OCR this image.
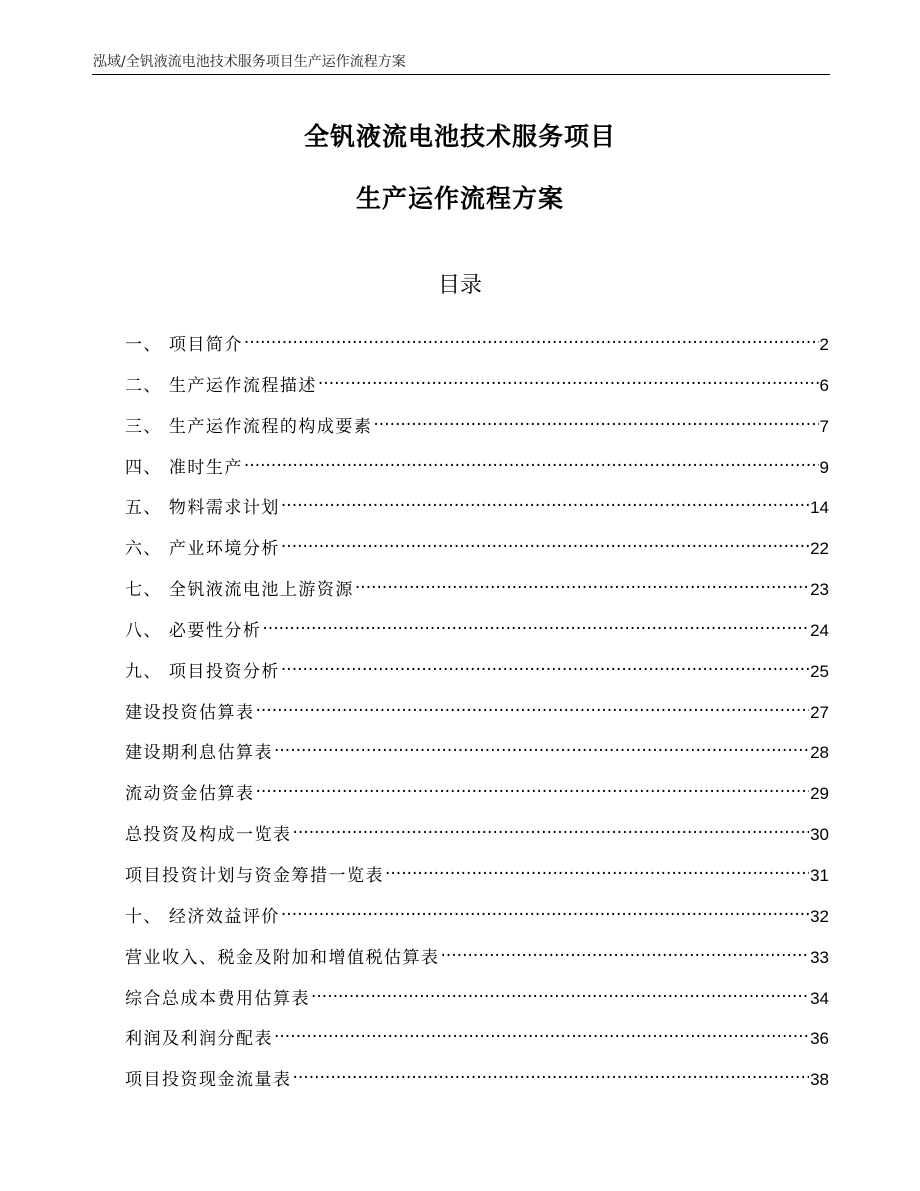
泓域/全钒液流电池技术服务项目生产运作流程方案
全钒液流电池技术服务项目
生产运作流程方案
目录
一、 项目简介 .....	2
二、 生产运作流程描述 .....	6
三、 生产运作流程的构成要素 .....	7
四、 准时生产 .....	9
五、 物料需求计划 .....	14
六、 产业环境分析 .....	22
七、 全钒液流电池上游资源 .....	23
八、 必要性分析 .....	24
九、 项目投资分析 .....	25
建设投资估算表 .....	27
建设期利息估算表 .....	28
流动资金估算表 .....	29
总投资及构成一览表 .....	30
项目投资计划与资金筹措一览表 .....	31
十、 经济效益评价 .....	32
营业收入、税金及附加和增值税估算表 .....	33
综合总成本费用估算表 .....	34
利润及利润分配表 .....	36
项目投资现金流量表 .....	38
